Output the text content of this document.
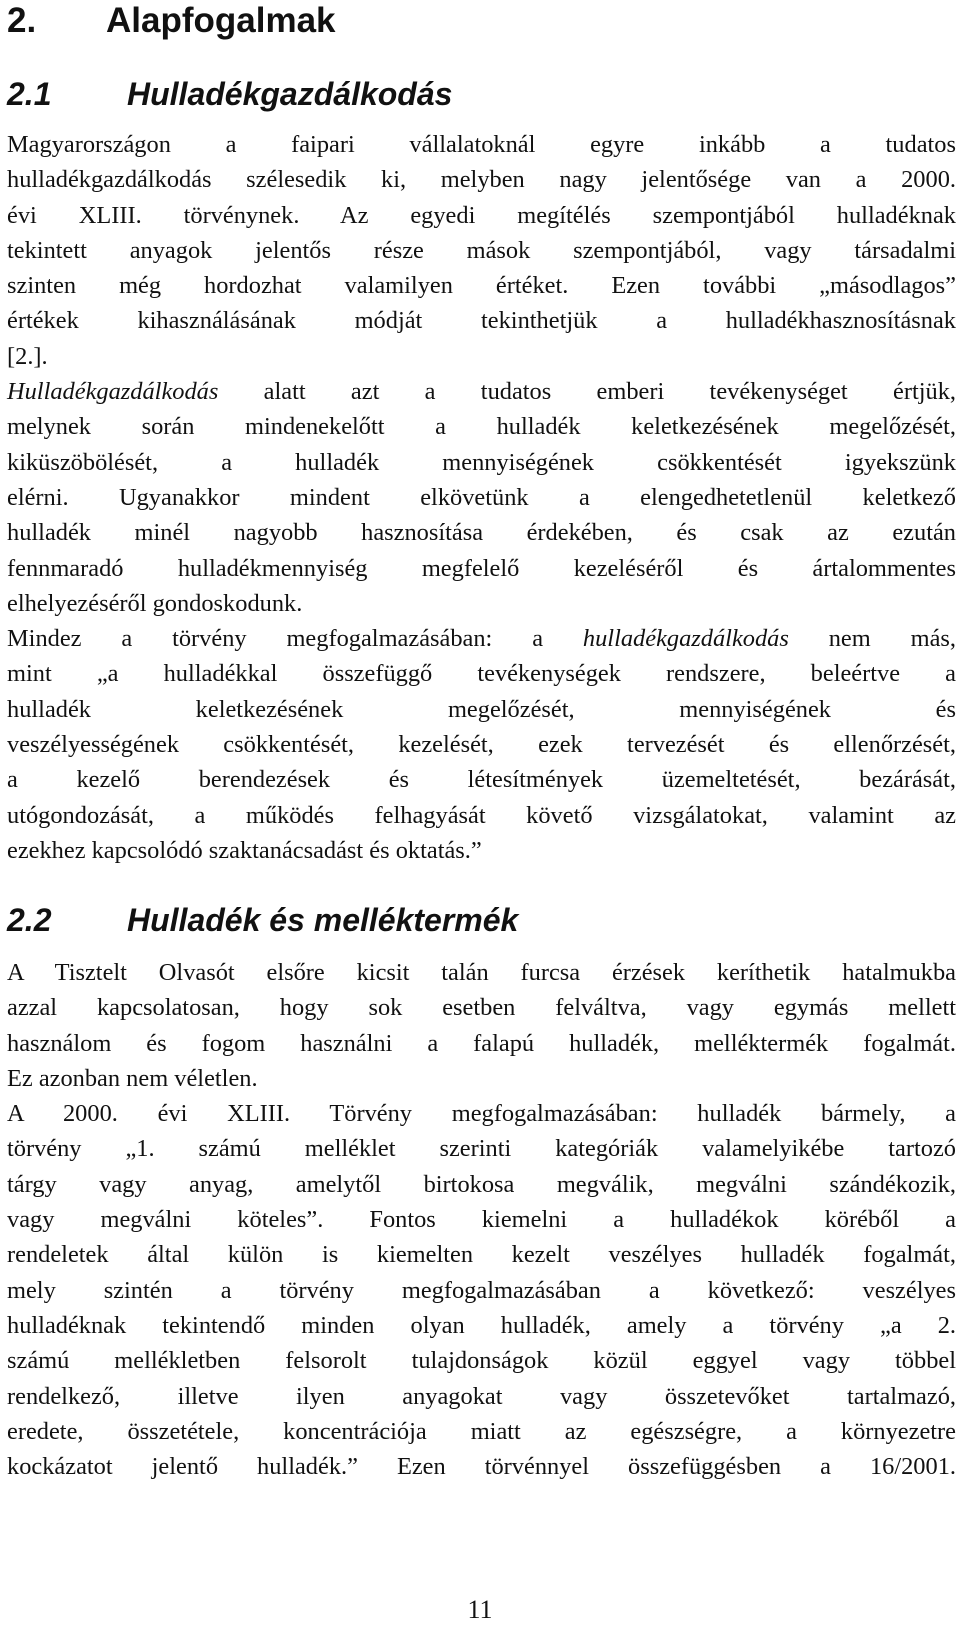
2. Alapfogalmak
2.1 Hulladékgazdálkodás
Magyarországon a faipari vállalatoknál egyre inkább a tudatos
hulladékgazdálkodás szélesedik ki, melyben nagy jelentősége van a 2000.
évi XLIII. törvénynek. Az egyedi megítélés szempontjából hulladéknak
tekintett anyagok jelentős része mások szempontjából, vagy társadalmi
szinten még hordozhat valamilyen értéket. Ezen további „másodlagos”
értékek kihasználásának módját tekinthetjük a hulladékhasznosításnak
[2.].
Hulladékgazdálkodás alatt azt a tudatos emberi tevékenységet értjük,
melynek során mindenekelőtt a hulladék keletkezésének megelőzését,
kiküszöbölését, a hulladék mennyiségének csökkentését igyekszünk
elérni. Ugyanakkor mindent elkövetünk a elengedhetetlenül keletkező
hulladék minél nagyobb hasznosítása érdekében, és csak az ezután
fennmaradó hulladékmennyiség megfelelő kezeléséről és ártalommentes
elhelyezéséről gondoskodunk.
Mindez a törvény megfogalmazásában: a hulladékgazdálkodás nem más,
mint „a hulladékkal összefüggő tevékenységek rendszere, beleértve a
hulladék keletkezésének megelőzését, mennyiségének és
veszélyességének csökkentését, kezelését, ezek tervezését és ellenőrzését,
a kezelő berendezések és létesítmények üzemeltetését, bezárását,
utógondozását, a működés felhagyását követő vizsgálatokat, valamint az
ezekhez kapcsolódó szaktanácsadást és oktatás.”
2.2 Hulladék és melléktermék
A Tisztelt Olvasót elsőre kicsit talán furcsa érzések keríthetik hatalmukba
azzal kapcsolatosan, hogy sok esetben felváltva, vagy egymás mellett
használom és fogom használni a falapú hulladék, melléktermék fogalmát.
Ez azonban nem véletlen.
A 2000. évi XLIII. Törvény megfogalmazásában: hulladék bármely, a
törvény „1. számú melléklet szerinti kategóriák valamelyikébe tartozó
tárgy vagy anyag, amelytől birtokosa megválik, megválni szándékozik,
vagy megválni köteles”. Fontos kiemelni a hulladékok köréből a
rendeletek által külön is kiemelten kezelt veszélyes hulladék fogalmát,
mely szintén a törvény megfogalmazásában a következő: veszélyes
hulladéknak tekintendő minden olyan hulladék, amely a törvény „a 2.
számú mellékletben felsorolt tulajdonságok közül eggyel vagy többel
rendelkező, illetve ilyen anyagokat vagy összetevőket tartalmazó,
eredete, összetétele, koncentrációja miatt az egészségre, a környezetre
kockázatot jelentő hulladék.” Ezen törvénnyel összefüggésben a 16/2001.
11
